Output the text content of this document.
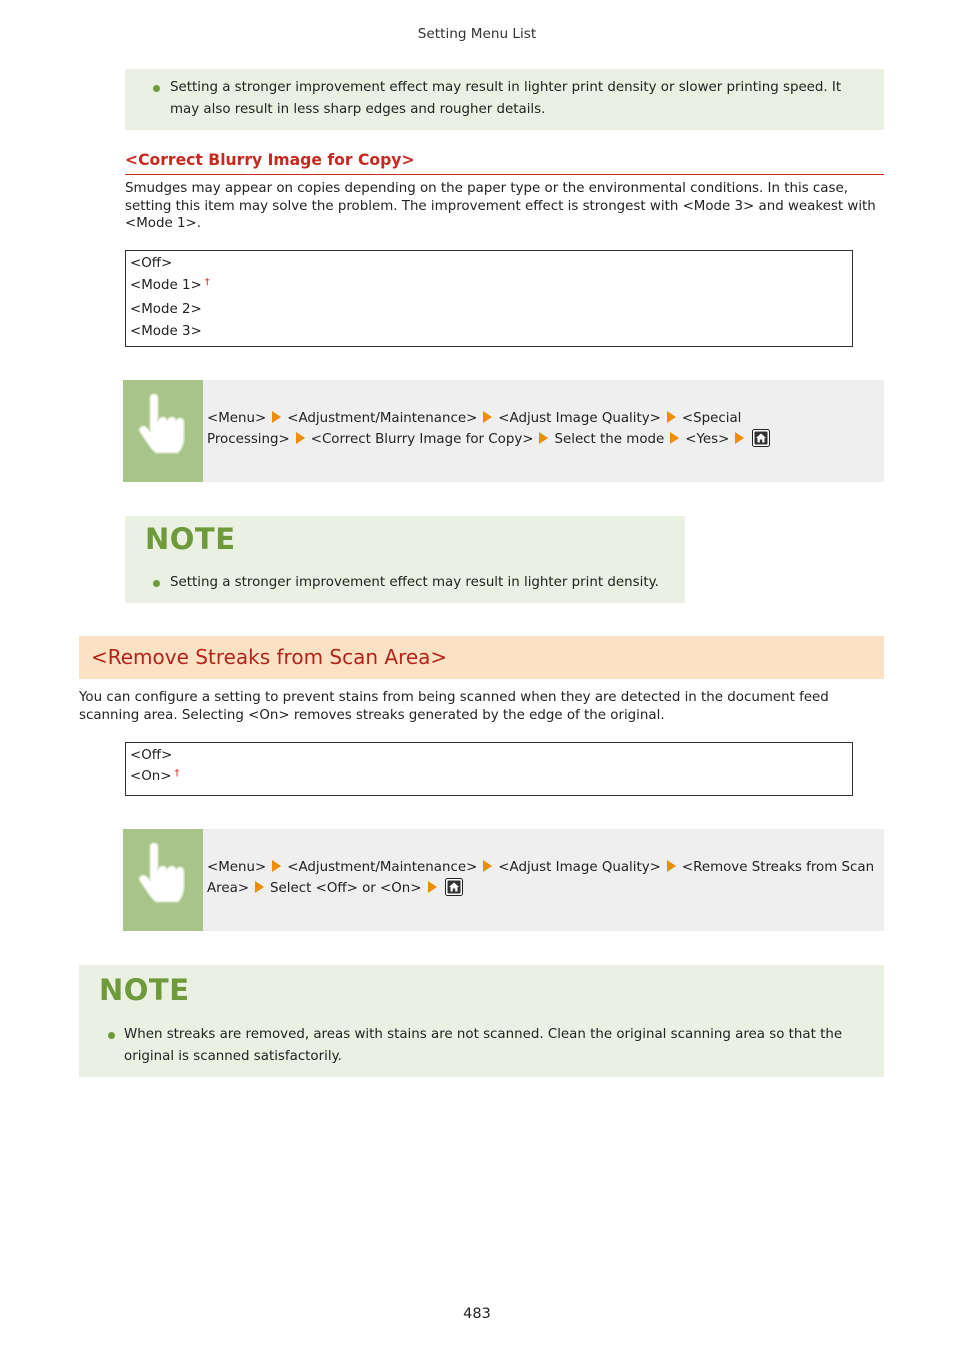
Setting Menu List
Setting a stronger improvement effect may result in lighter print density or slower printing speed. It
may also result in less sharp edges and rougher details.
<Correct Blurry Image for Copy>
Smudges may appear on copies depending on the paper type or the environmental conditions. In this case,
setting this item may solve the problem. The improvement effect is strongest with <Mode 3> and weakest with
<Mode 1>.
<Off>
<Mode 1> †
<Mode 2>
<Mode 3>
<Menu> <Adjustment/Maintenance> <Adjust Image Quality> <Special
Processing> <Correct Blurry Image for Copy> Select the mode <Yes>
NOTE
Setting a stronger improvement effect may result in lighter print density.
<Remove Streaks from Scan Area>
You can configure a setting to prevent stains from being scanned when they are detected in the document feed
scanning area. Selecting <On> removes streaks generated by the edge of the original.
<Off>
<On> †
<Menu> <Adjustment/Maintenance> <Adjust Image Quality> <Remove Streaks from Scan
Area> Select <Off> or <On>
NOTE
When streaks are removed, areas with stains are not scanned. Clean the original scanning area so that the
original is scanned satisfactorily.
483
